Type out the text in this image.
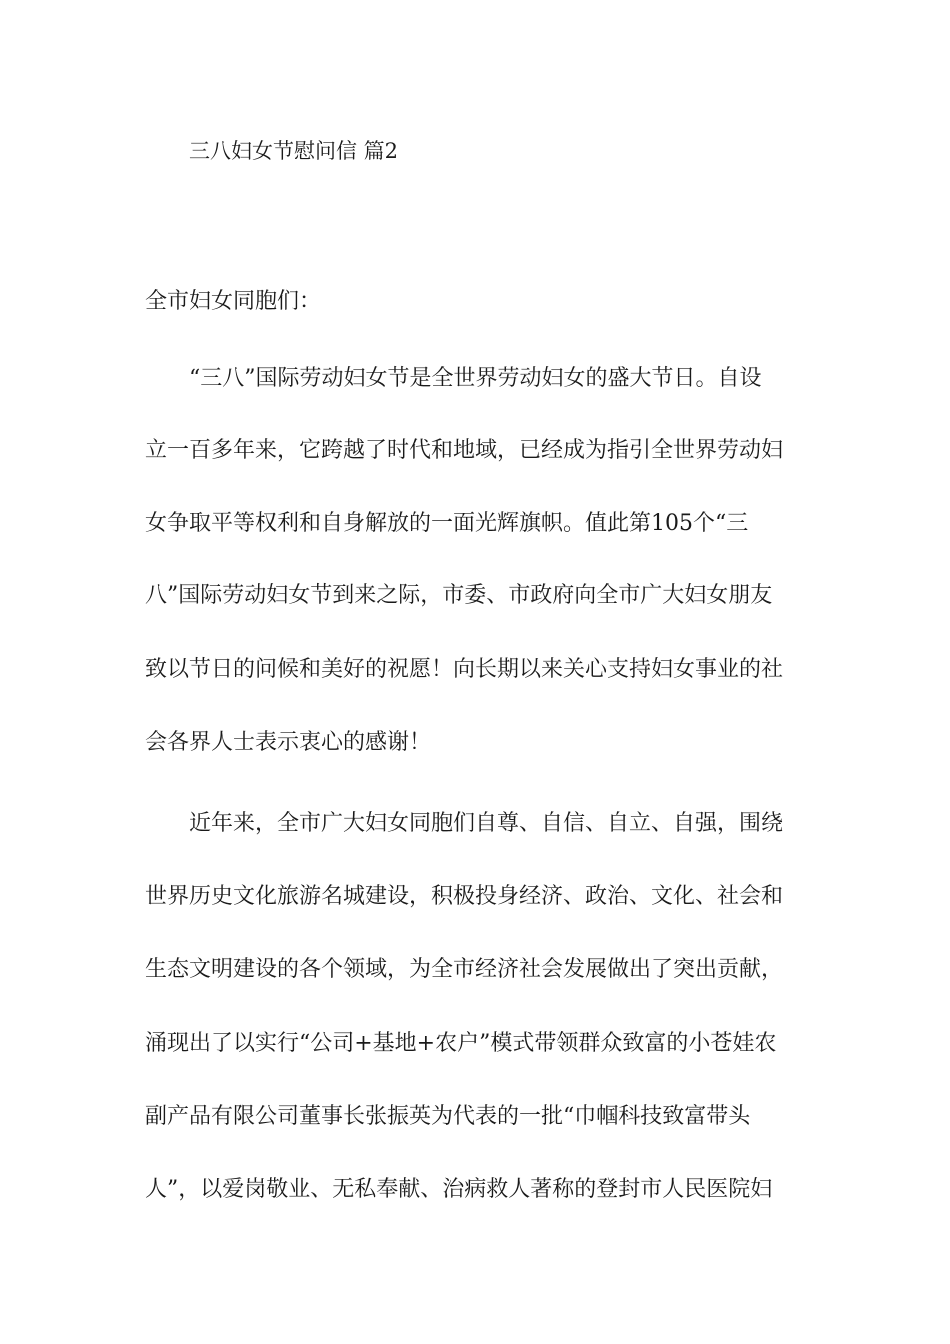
三八妇女节慰问信 篇2
全市妇女同胞们：
“三八”国际劳动妇女节是全世界劳动妇女的盛大节日。自设
立一百多年来，它跨越了时代和地域，已经成为指引全世界劳动妇
女争取平等权利和自身解放的一面光辉旗帜。值此第105个“三
八”国际劳动妇女节到来之际，市委、市政府向全市广大妇女朋友
致以节日的问候和美好的祝愿！向长期以来关心支持妇女事业的社
会各界人士表示衷心的感谢！
近年来，全市广大妇女同胞们自尊、自信、自立、自强，围绕
世界历史文化旅游名城建设，积极投身经济、政治、文化、社会和
生态文明建设的各个领域，为全市经济社会发展做出了突出贡献，
涌现出了以实行“公司+基地+农户”模式带领群众致富的小苍娃农
副产品有限公司董事长张振英为代表的一批“巾帼科技致富带头
人”，以爱岗敬业、无私奉献、治病救人著称的登封市人民医院妇
